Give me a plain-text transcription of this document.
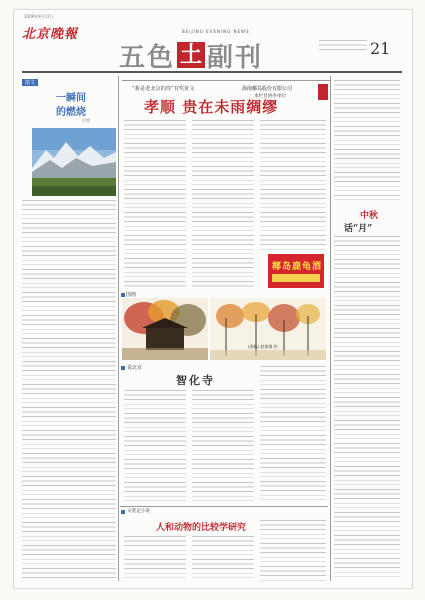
北京晚報
2009年9月17日
五色 土 副刊
BEIJING EVENING NEWS
21
散文
一瞬间
的燃烧
白雪
“我是老北京的你”有奖征文
孝顺 贵在未雨绸缪
海南椰岛股份有限公司
本栏目协办单位
椰岛鹿龟酒
中秋
话“月”
国画
(金秋) 赵家熔 作
说北京
智化寺
文笔走小说
人和动物的比较学研究
